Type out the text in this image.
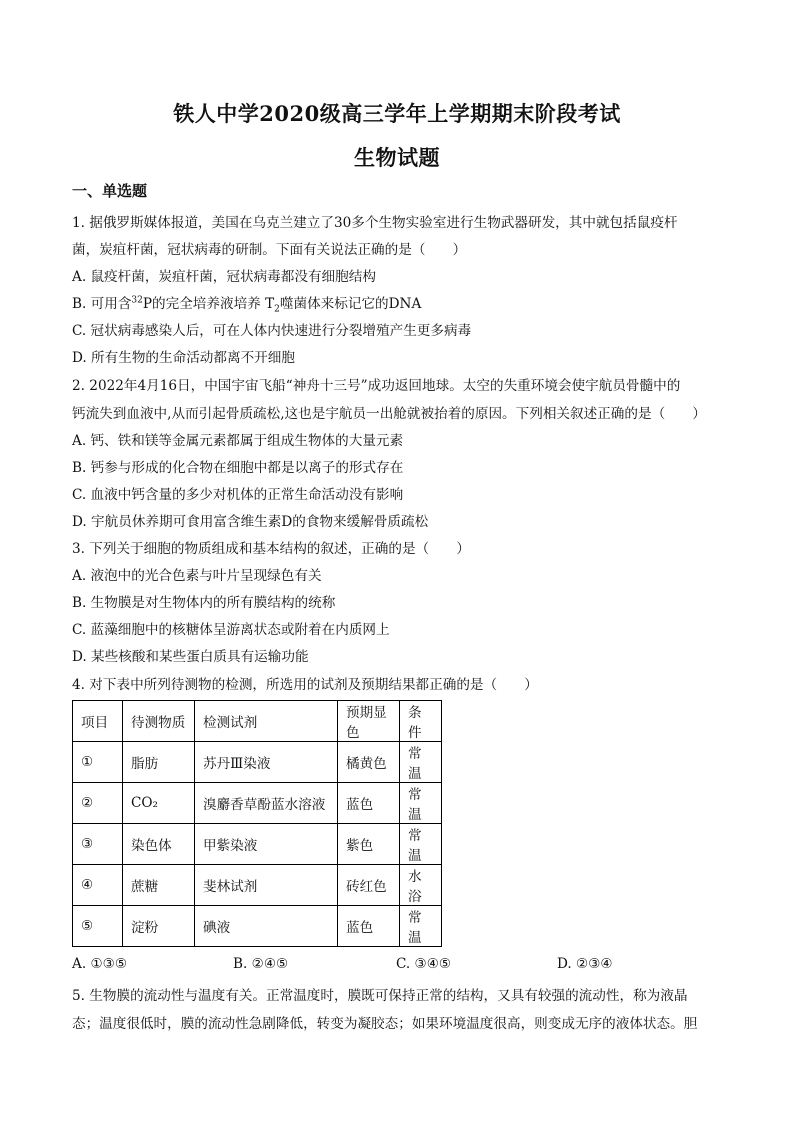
铁人中学2020级高三学年上学期期末阶段考试
生物试题
一、单选题
1. 据俄罗斯媒体报道，美国在乌克兰建立了30多个生物实验室进行生物武器研发，其中就包括鼠疫杆
菌，炭疽杆菌，冠状病毒的研制。下面有关说法正确的是（　　）
A. 鼠疫杆菌，炭疽杆菌，冠状病毒都没有细胞结构
B. 可用含$^{32}$P的完全培养液培养 $T_2$噬菌体来标记它的DNA
C. 冠状病毒感染人后，可在人体内快速进行分裂增殖产生更多病毒
D. 所有生物的生命活动都离不开细胞
2. 2022年4月16日，中国宇宙飞船“神舟十三号”成功返回地球。太空的失重环境会使宇航员骨髓中的
钙流失到血液中,从而引起骨质疏松,这也是宇航员一出舱就被抬着的原因。下列相关叙述正确的是（　　）
A. 钙、铁和镁等金属元素都属于组成生物体的大量元素
B. 钙参与形成的化合物在细胞中都是以离子的形式存在
C. 血液中钙含量的多少对机体的正常生命活动没有影响
D. 宇航员休养期可食用富含维生素D的食物来缓解骨质疏松
3. 下列关于细胞的物质组成和基本结构的叙述，正确的是（　　）
A. 液泡中的光合色素与叶片呈现绿色有关
B. 生物膜是对生物体内的所有膜结构的统称
C. 蓝藻细胞中的核糖体呈游离状态或附着在内质网上
D. 某些核酸和某些蛋白质具有运输功能
4. 对下表中所列待测物的检测，所选用的试剂及预期结果都正确的是（　　）
项目	待测物质	检测试剂	预期显色	条件
①	脂肪	苏丹Ⅲ染液	橘黄色	常温
②	CO₂	溴麝香草酚蓝水溶液	蓝色	常温
③	染色体	甲紫染液	紫色	常温
④	蔗糖	斐林试剂	砖红色	水浴
⑤	淀粉	碘液	蓝色	常温
A. ①③⑤	B. ②④⑤	C. ③④⑤	D. ②③④
5. 生物膜的流动性与温度有关。正常温度时，膜既可保持正常的结构，又具有较强的流动性，称为液晶
态；温度很低时，膜的流动性急剧降低，转变为凝胶态；如果环境温度很高，则变成无序的液体状态。胆
